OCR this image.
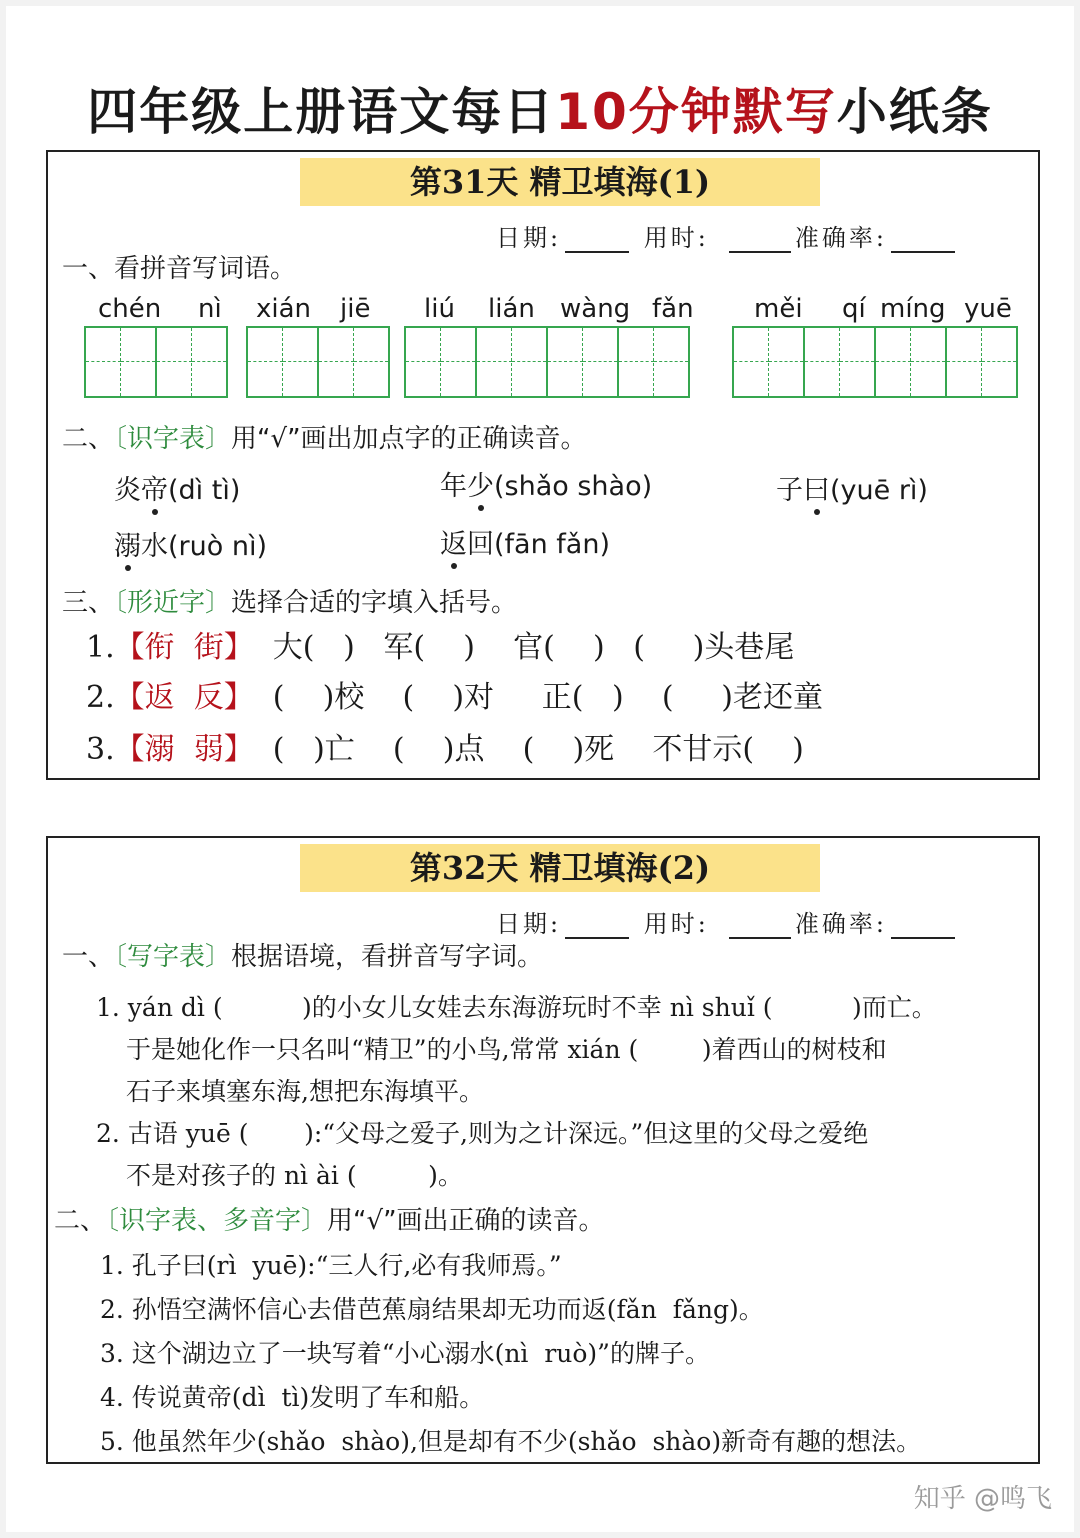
四年级上册语文每日10分钟默写小纸条
第31天 精卫填海(1)
日期:	用时:	准确率:
一、看拼音写词语。
chén nì xián jiē liú lián wàng fǎn měi qí míng yuē
二、〔识字表〕用“√”画出加点字的正确读音。
炎帝(dì tì)	年少(shǎo shào)	子曰(yuē rì)
溺水(ruò nì)	返回(fān fǎn)
三、〔形近字〕选择合适的字填入括号。
1.【衔  街】  大(   )   军(    )    官(    )   (     )头巷尾
2.【返  反】  (    )校    (    )对     正(   )    (     )老还童
3.【溺  弱】  (   )亡    (    )点    (    )死    不甘示(    )
第32天 精卫填海(2)
日期:	用时:	准确率:
一、〔写字表〕根据语境，看拼音写字词。
1. yán dì (          )的小女儿女娃去东海游玩时不幸 nì shuǐ (          )而亡。
于是她化作一只名叫“精卫”的小鸟,常常 xián (        )着西山的树枝和
石子来填塞东海,想把东海填平。
2. 古语 yuē (       ):“父母之爱子,则为之计深远。”但这里的父母之爱绝
不是对孩子的 nì ài (         )。
二、〔识字表、多音字〕用“√”画出正确的读音。
1. 孔子曰(rì  yuē):“三人行,必有我师焉。”
2. 孙悟空满怀信心去借芭蕉扇结果却无功而返(fǎn  fǎng)。
3. 这个湖边立了一块写着“小心溺水(nì  ruò)”的牌子。
4. 传说黄帝(dì  tì)发明了车和船。
5. 他虽然年少(shǎo  shào),但是却有不少(shǎo  shào)新奇有趣的想法。
知乎 @鸣飞
